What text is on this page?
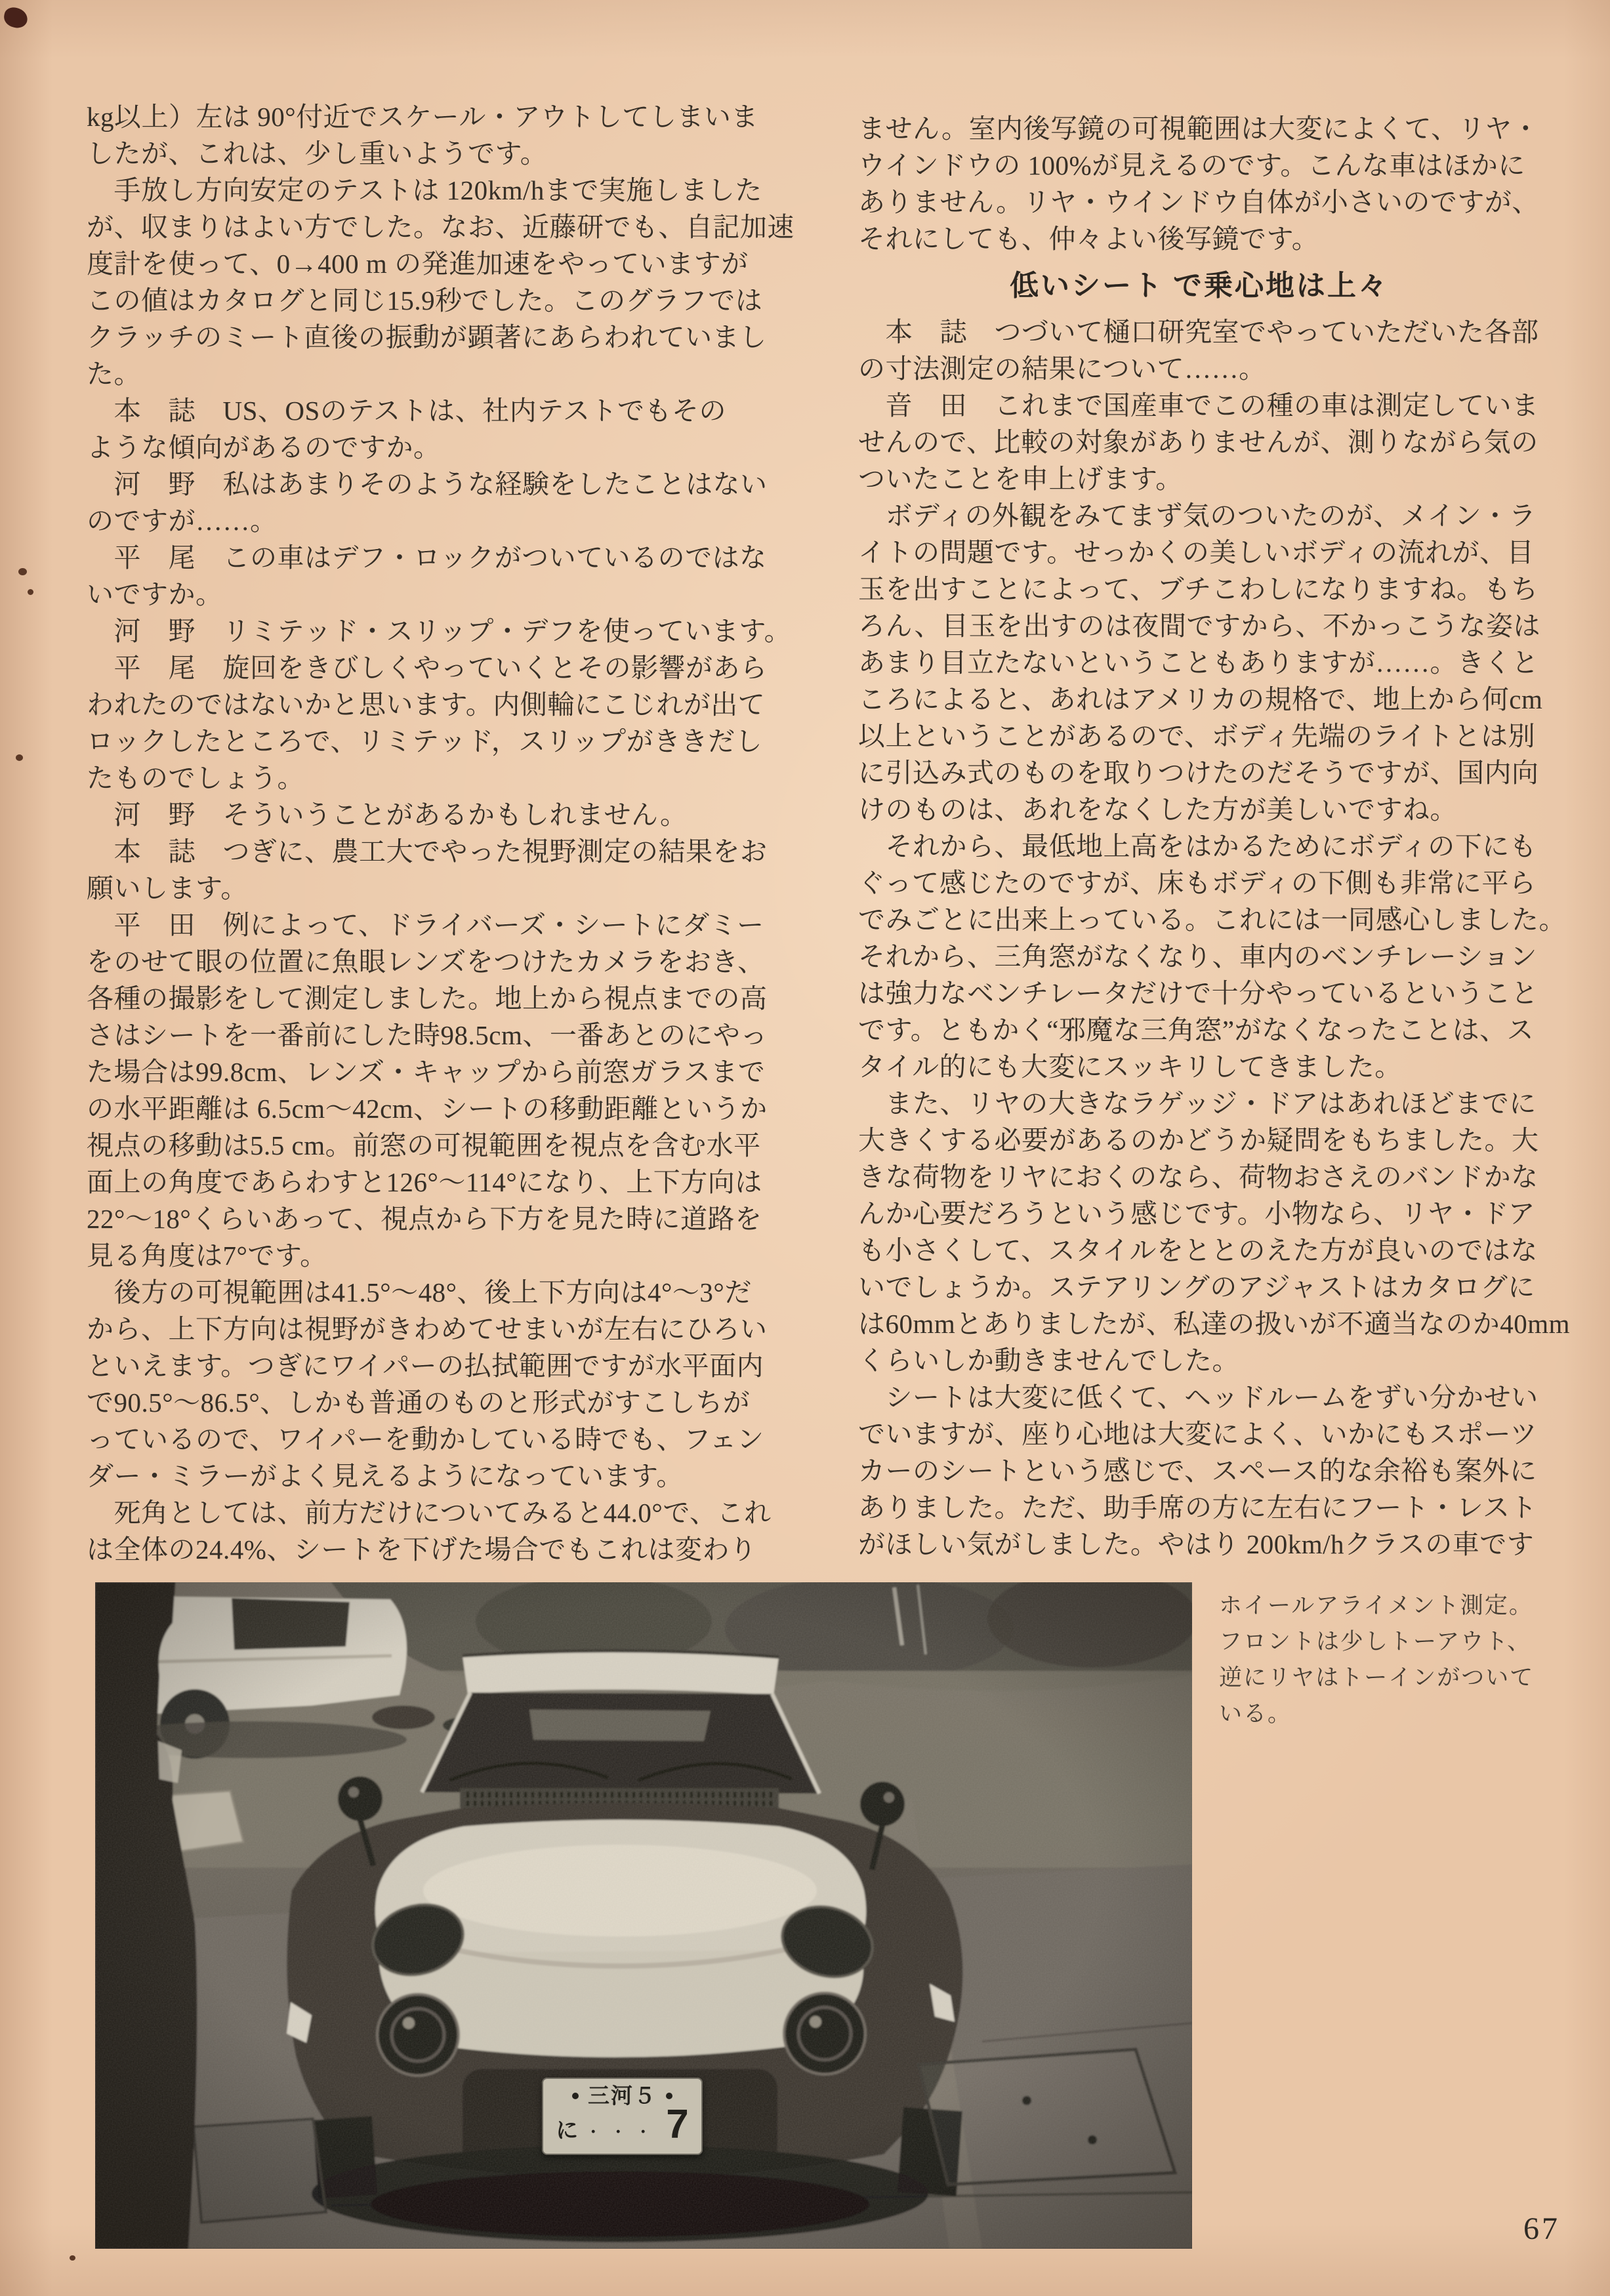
kg以上）左は 90°付近でスケール・アウトしてしまいま
したが、これは、少し重いようです。
　手放し方向安定のテストは 120km/hまで実施しました
が、収まりはよい方でした。なお、近藤研でも、自記加速
度計を使って、0→400 m の発進加速をやっていますが
この値はカタログと同じ15.9秒でした。このグラフでは
クラッチのミート直後の振動が顕著にあらわれていまし
た。
　本　誌　US、OSのテストは、社内テストでもその
ような傾向があるのですか。
　河　野　私はあまりそのような経験をしたことはない
のですが……。
　平　尾　この車はデフ・ロックがついているのではな
いですか。
　河　野　リミテッド・スリップ・デフを使っています。
　平　尾　旋回をきびしくやっていくとその影響があら
われたのではないかと思います。内側輪にこじれが出て
ロックしたところで、リミテッド，スリップがききだし
たものでしょう。
　河　野　そういうことがあるかもしれません。
　本　誌　つぎに、農工大でやった視野測定の結果をお
願いします。
　平　田　例によって、ドライバーズ・シートにダミー
をのせて眼の位置に魚眼レンズをつけたカメラをおき、
各種の撮影をして測定しました。地上から視点までの高
さはシートを一番前にした時98.5cm、一番あとのにやっ
た場合は99.8cm、レンズ・キャップから前窓ガラスまで
の水平距離は 6.5cm～42cm、シートの移動距離というか
視点の移動は5.5 cm。前窓の可視範囲を視点を含む水平
面上の角度であらわすと126°～114°になり、上下方向は
22°～18°くらいあって、視点から下方を見た時に道路を
見る角度は7°です。
　後方の可視範囲は41.5°～48°、後上下方向は4°～3°だ
から、上下方向は視野がきわめてせまいが左右にひろい
といえます。つぎにワイパーの払拭範囲ですが水平面内
で90.5°～86.5°、しかも普通のものと形式がすこしちが
っているので、ワイパーを動かしている時でも、フェン
ダー・ミラーがよく見えるようになっています。
　死角としては、前方だけについてみると44.0°で、これ
は全体の24.4%、シートを下げた場合でもこれは変わり
ません。室内後写鏡の可視範囲は大変によくて、リヤ・
ウインドウの 100%が見えるのです。こんな車はほかに
ありません。リヤ・ウインドウ自体が小さいのですが、
それにしても、仲々よい後写鏡です。
低いシート で乗心地は上々
　本　誌　つづいて樋口研究室でやっていただいた各部
の寸法測定の結果について……。
　音　田　これまで国産車でこの種の車は測定していま
せんので、比較の対象がありませんが、測りながら気の
ついたことを申上げます。
　ボディの外観をみてまず気のついたのが、メイン・ラ
イトの問題です。せっかくの美しいボディの流れが、目
玉を出すことによって、ブチこわしになりますね。もち
ろん、目玉を出すのは夜間ですから、不かっこうな姿は
あまり目立たないということもありますが……。きくと
ころによると、あれはアメリカの規格で、地上から何cm
以上ということがあるので、ボディ先端のライトとは別
に引込み式のものを取りつけたのだそうですが、国内向
けのものは、あれをなくした方が美しいですね。
　それから、最低地上高をはかるためにボディの下にも
ぐって感じたのですが、床もボディの下側も非常に平ら
でみごとに出来上っている。これには一同感心しました。
それから、三角窓がなくなり、車内のベンチレーション
は強力なベンチレータだけで十分やっているということ
です。ともかく“邪魔な三角窓”がなくなったことは、ス
タイル的にも大変にスッキリしてきました。
　また、リヤの大きなラゲッジ・ドアはあれほどまでに
大きくする必要があるのかどうか疑問をもちました。大
きな荷物をリヤにおくのなら、荷物おさえのバンドかな
んか心要だろうという感じです。小物なら、リヤ・ドア
も小さくして、スタイルをととのえた方が良いのではな
いでしょうか。ステアリングのアジャストはカタログに
は60mmとありましたが、私達の扱いが不適当なのか40mm
くらいしか動きませんでした。
　シートは大変に低くて、ヘッドルームをずい分かせい
でいますが、座り心地は大変によく、いかにもスポーツ
カーのシートという感じで、スペース的な余裕も案外に
ありました。ただ、助手席の方に左右にフート・レスト
がほしい気がしました。やはり 200km/hクラスの車です
三河５
に ・・・ 7
ホイールアライメント測定。
フロントは少しトーアウト、
逆にリヤはトーインがついて
いる。
67
